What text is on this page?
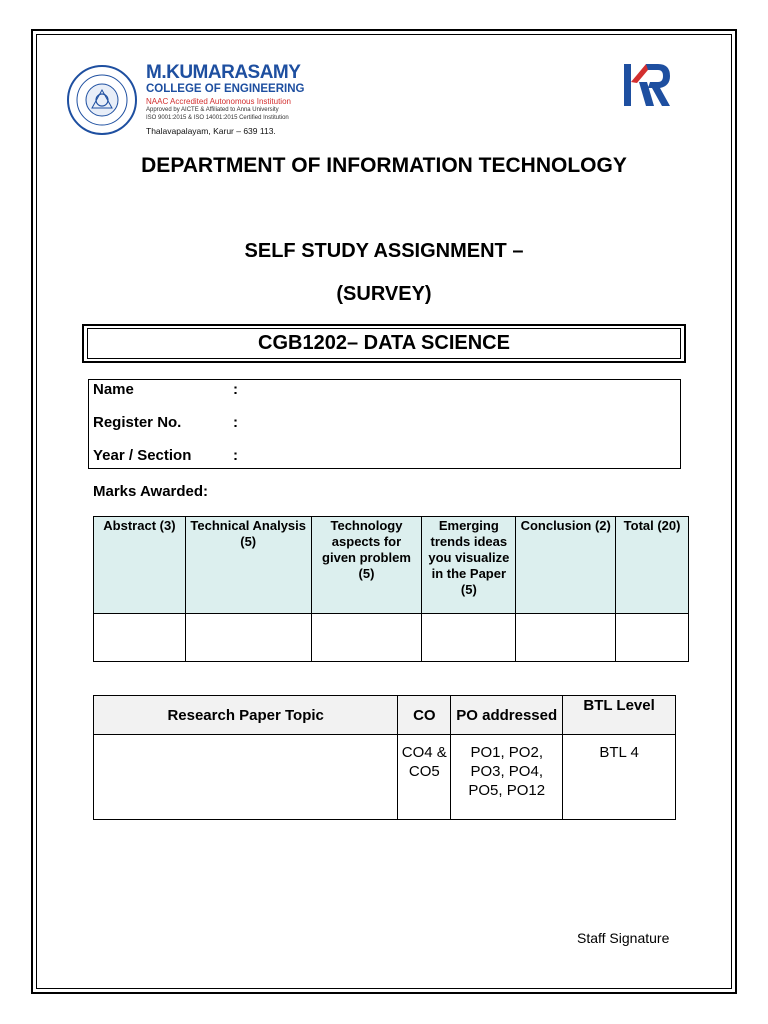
M.KUMARASAMY
COLLEGE OF ENGINEERING
NAAC Accredited Autonomous Institution
Approved by AICTE & Affiliated to Anna University
ISO 9001:2015 & ISO 14001:2015 Certified Institution
Thalavapalayam, Karur – 639 113.
DEPARTMENT OF INFORMATION TECHNOLOGY
SELF STUDY ASSIGNMENT –
(SURVEY)
CGB1202– DATA SCIENCE
Name	:
Register No.	:
Year / Section	:
Marks Awarded:
Abstract (3)	Technical Analysis (5)	Technology aspects for given problem (5)	Emerging trends ideas you visualize in the Paper (5)	Conclusion (2)	Total (20)

Research Paper Topic	CO	PO addressed	BTL Level
	CO4 & CO5	PO1, PO2, PO3, PO4, PO5, PO12	BTL 4
Staff Signature
